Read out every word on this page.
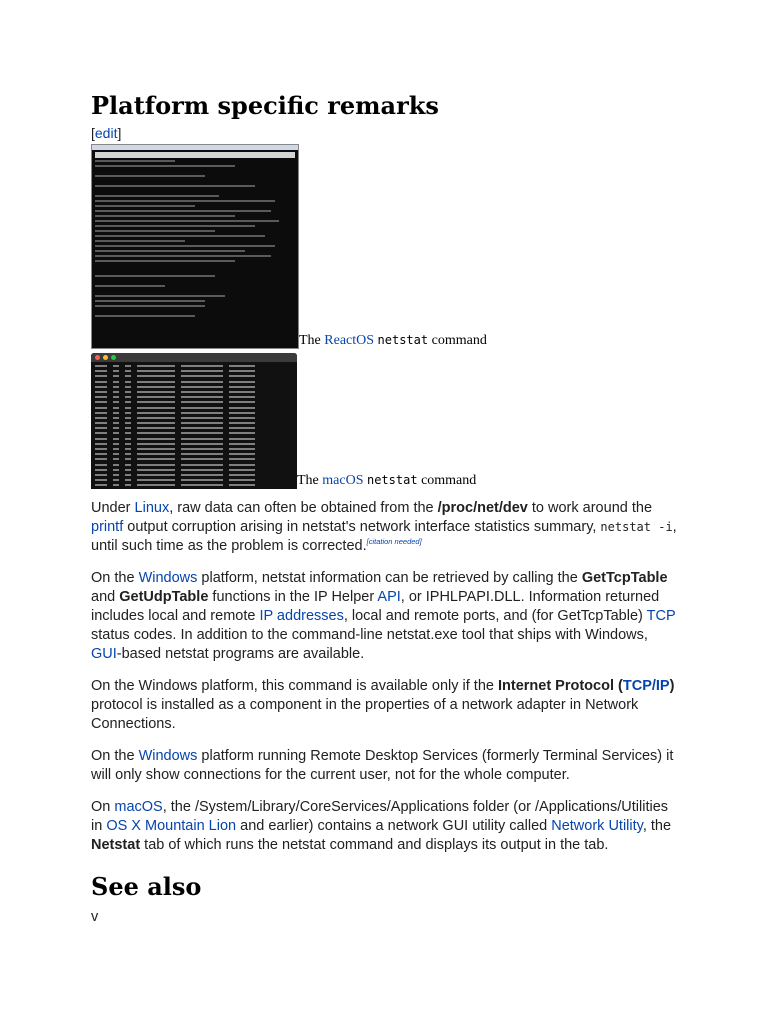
Platform specific remarks
[edit]
The ReactOS netstat command
The macOS netstat command

Under Linux, raw data can often be obtained from the /proc/net/dev to work around the printf output corruption arising in netstat's network interface statistics summary, netstat -i, until such time as the problem is corrected.[citation needed]

On the Windows platform, netstat information can be retrieved by calling the GetTcpTable and GetUdpTable functions in the IP Helper API, or IPHLPAPI.DLL. Information returned includes local and remote IP addresses, local and remote ports, and (for GetTcpTable) TCP status codes. In addition to the command-line netstat.exe tool that ships with Windows, GUI-based netstat programs are available.

On the Windows platform, this command is available only if the Internet Protocol (TCP/IP) protocol is installed as a component in the properties of a network adapter in Network Connections.

On the Windows platform running Remote Desktop Services (formerly Terminal Services) it will only show connections for the current user, not for the whole computer.

On macOS, the /System/Library/CoreServices/Applications folder (or /Applications/Utilities in OS X Mountain Lion and earlier) contains a network GUI utility called Network Utility, the Netstat tab of which runs the netstat command and displays its output in the tab.

See also
v
